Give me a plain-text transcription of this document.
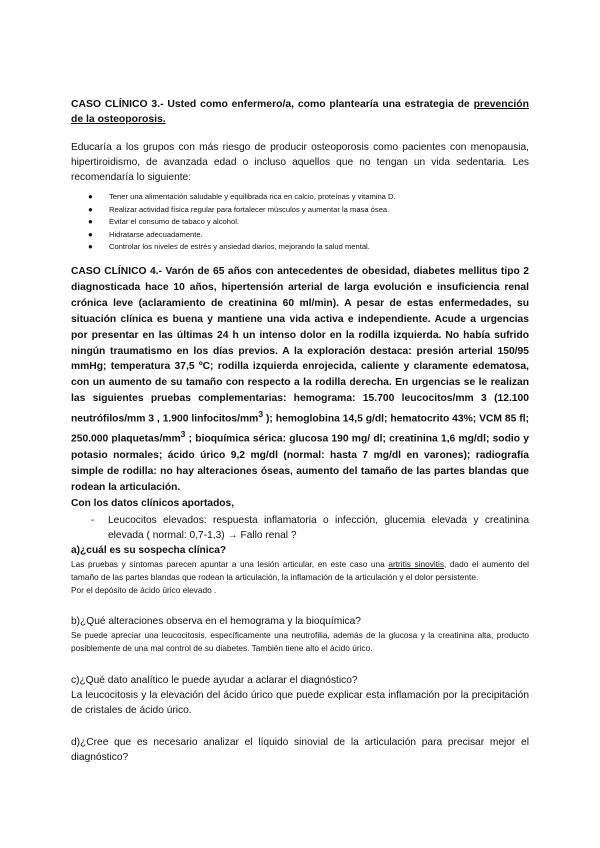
CASO CLÍNICO 3.- Usted como enfermero/a, como plantearía una estrategia de prevención de la osteoporosis.

Educaría a los grupos con más riesgo de producir osteoporosis como pacientes con menopausia, hipertiroidismo, de avanzada edad o incluso aquellos que no tengan un vida sedentaria. Les recomendaría lo siguiente:

● Tener una alimentación saludable y equilibrada rica en calcio, proteínas y vitamina D.
● Realizar actividad física regular para fortalecer músculos y aumentar la masa ósea.
● Evitar el consumo de tabaco y alcohol.
● Hidratarse adecuadamente.
● Controlar los niveles de estrés y ansiedad diarios, mejorando la salud mental.

CASO CLÍNICO 4.- Varón de 65 años con antecedentes de obesidad, diabetes mellitus tipo 2 diagnosticada hace 10 años, hipertensión arterial de larga evolución e insuficiencia renal crónica leve (aclaramiento de creatinina 60 ml/min). A pesar de estas enfermedades, su situación clínica es buena y mantiene una vida activa e independiente. Acude a urgencias por presentar en las últimas 24 h un intenso dolor en la rodilla izquierda. No había sufrido ningún traumatismo en los días previos. A la exploración destaca: presión arterial 150/95 mmHg; temperatura 37,5 ºC; rodilla izquierda enrojecida, caliente y claramente edematosa, con un aumento de su tamaño con respecto a la rodilla derecha. En urgencias se le realizan las siguientes pruebas complementarias: hemograma: 15.700 leucocitos/mm 3 (12.100 neutrófilos/mm 3 , 1.900 linfocitos/$mm^3$ ); hemoglobina 14,5 g/dl; hematocrito 43%; VCM 85 fl; 250.000 plaquetas/$mm^3$ ; bioquímica sérica: glucosa 190 mg/ dl; creatinina 1,6 mg/dl; sodio y potasio normales; ácido úrico 9,2 mg/dl (normal: hasta 7 mg/dl en varones); radiografía simple de rodilla: no hay alteraciones óseas, aumento del tamaño de las partes blandas que rodean la articulación.

Con los datos clínicos aportados,

- Leucocitos elevados: respuesta inflamatoria o infección, glucemia elevada y creatinina elevada ( normal: 0,7-1,3) → Fallo renal ?

a)¿cuál es su sospecha clínica?

Las pruebas y síntomas parecen apuntar a una lesión articular, en este caso una artritis sinovitis, dado el aumento del tamaño de las partes blandas que rodean la articulación, la inflamación de la articulación y el dolor persistente.

Por el depósito de ácido úrico elevado .

b)¿Qué alteraciones observa en el hemograma y la bioquímica?

Se puede apreciar una leucocitosis, específicamente una neutrofilia, además de la glucosa y la creatinina alta, producto posiblemente de una mal control de su diabetes. También tiene alto el ácido úrico.

c)¿Qué dato analítico le puede ayudar a aclarar el diagnóstico?

La leucocitosis y la elevación del ácido úrico que puede explicar esta inflamación por la precipitación de cristales de ácido úrico.

d)¿Cree que es necesario analizar el líquido sinovial de la articulación para precisar mejor el diagnóstico?
